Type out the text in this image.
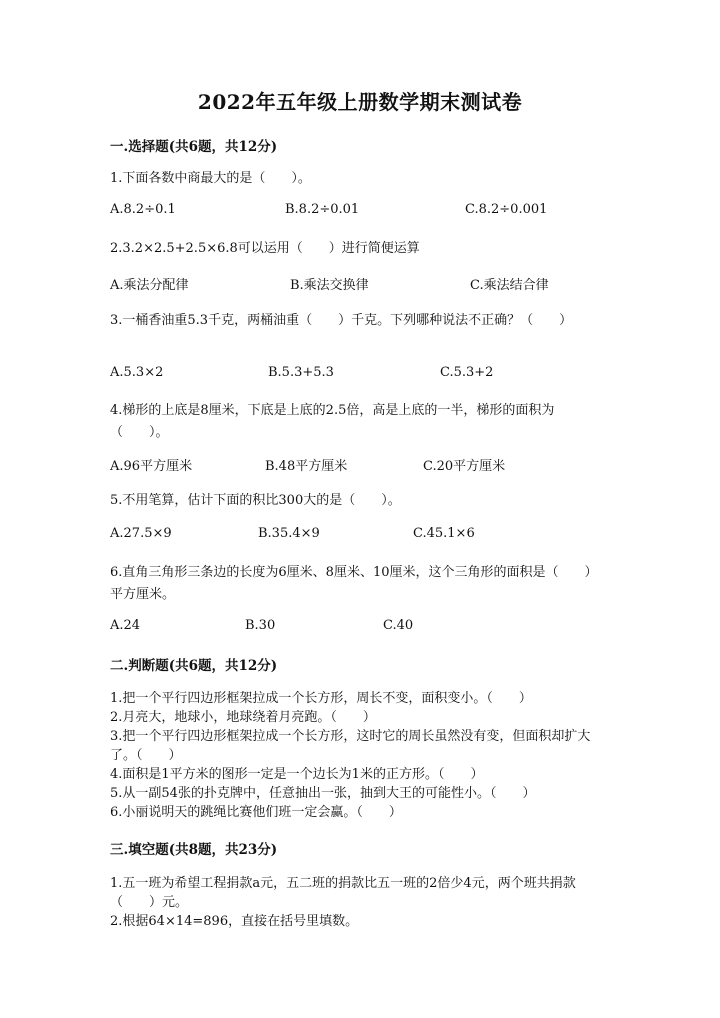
2022年五年级上册数学期末测试卷
一.选择题(共6题，共12分)
1.下面各数中商最大的是（　　）。
A.8.2÷0.1	B.8.2÷0.01	C.8.2÷0.001
2.3.2×2.5+2.5×6.8可以运用（　　）进行简便运算
A.乘法分配律	B.乘法交换律	C.乘法结合律
3.一桶香油重5.3千克，两桶油重（　　）千克。下列哪种说法不正确？（　　）
A.5.3×2	B.5.3+5.3	C.5.3+2
4.梯形的上底是8厘米，下底是上底的2.5倍，高是上底的一半，梯形的面积为（　　）。
A.96平方厘米	B.48平方厘米	C.20平方厘米
5.不用笔算，估计下面的积比300大的是（　　）。
A.27.5×9	B.35.4×9	C.45.1×6
6.直角三角形三条边的长度为6厘米、8厘米、10厘米，这个三角形的面积是（　　）平方厘米。
A.24	B.30	C.40
二.判断题(共6题，共12分)
1.把一个平行四边形框架拉成一个长方形，周长不变，面积变小。（　　）
2.月亮大，地球小，地球绕着月亮跑。（　　）
3.把一个平行四边形框架拉成一个长方形，这时它的周长虽然没有变，但面积却扩大了。（　　）
4.面积是1平方米的图形一定是一个边长为1米的正方形。（　　）
5.从一副54张的扑克牌中，任意抽出一张，抽到大王的可能性小。（　　）
6.小丽说明天的跳绳比赛他们班一定会赢。（　　）
三.填空题(共8题，共23分)
1.五一班为希望工程捐款a元，五二班的捐款比五一班的2倍少4元，两个班共捐款（　　）元。
2.根据64×14=896，直接在括号里填数。
